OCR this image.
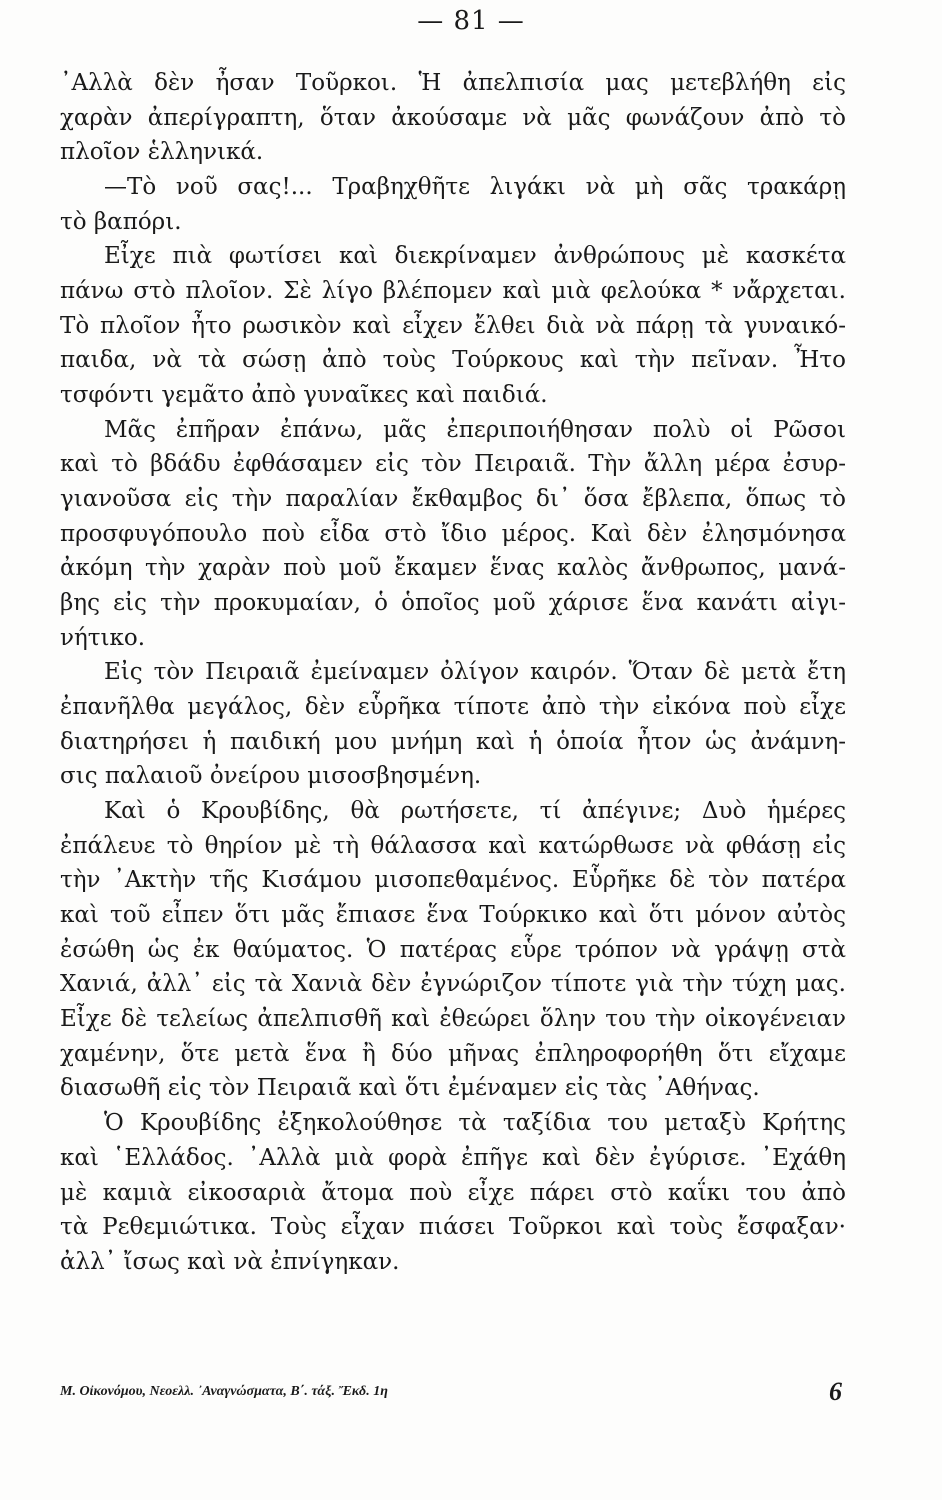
— 81 —
᾿Αλλὰ δὲν ἦσαν Τοῦρκοι. Ἡ ἀπελπισία μας μετεβλήθη εἰς
χαρὰν ἀπερίγραπτη, ὅταν ἀκούσαμε νὰ μᾶς φωνάζουν ἀπὸ τὸ
πλοῖον ἑλληνικά.
—Τὸ νοῦ σας!... Τραβηχθῆτε λιγάκι νὰ μὴ σᾶς τρακάρῃ
τὸ βαπόρι.
Εἶχε πιὰ φωτίσει καὶ διεκρίναμεν ἀνθρώπους μὲ κασκέτα
πάνω στὸ πλοῖον. Σὲ λίγο βλέπομεν καὶ μιὰ φελούκα * νἄρχεται.
Τὸ πλοῖον ἦτο ρωσικὸν καὶ εἶχεν ἔλθει διὰ νὰ πάρῃ τὰ γυναικό-
παιδα, νὰ τὰ σώσῃ ἀπὸ τοὺς Τούρκους καὶ τὴν πεῖναν. Ἦτο
τσφόντι γεμᾶτο ἀπὸ γυναῖκες καὶ παιδιά.
Μᾶς ἐπῆραν ἐπάνω, μᾶς ἐπεριποιήθησαν πολὺ οἱ Ρῶσοι
καὶ τὸ βδάδυ ἐφθάσαμεν εἰς τὸν Πειραιᾶ. Τὴν ἄλλη μέρα ἐσυρ-
γιανοῦσα εἰς τὴν παραλίαν ἔκθαμβος δι᾿ ὅσα ἔβλεπα, ὅπως τὸ
προσφυγόπουλο ποὺ εἶδα στὸ ἴδιο μέρος. Καὶ δὲν ἐλησμόνησα
ἀκόμη τὴν χαρὰν ποὺ μοῦ ἔκαμεν ἕνας καλὸς ἄνθρωπος, μανά-
βης εἰς τὴν προκυμαίαν, ὁ ὁποῖος μοῦ χάρισε ἕνα κανάτι αἰγι-
νήτικο.
Εἰς τὸν Πειραιᾶ ἐμείναμεν ὀλίγον καιρόν. Ὅταν δὲ μετὰ ἔτη
ἐπανῆλθα μεγάλος, δὲν εὗρῆκα τίποτε ἀπὸ τὴν εἰκόνα ποὺ εἶχε
διατηρήσει ἡ παιδική μου μνήμη καὶ ἡ ὁποία ἦτον ὡς ἀνάμνη-
σις παλαιοῦ ὀνείρου μισοσβησμένη.
Καὶ ὁ Κρουβίδης, θὰ ρωτήσετε, τί ἀπέγινε; Δυὸ ἡμέρες
ἐπάλευε τὸ θηρίον μὲ τὴ θάλασσα καὶ κατώρθωσε νὰ φθάσῃ εἰς
τὴν ᾿Ακτὴν τῆς Κισάμου μισοπεθαμένος. Εὗρῆκε δὲ τὸν πατέρα
καὶ τοῦ εἶπεν ὅτι μᾶς ἔπιασε ἕνα Τούρκικο καὶ ὅτι μόνον αὐτὸς
ἐσώθη ὡς ἐκ θαύματος. Ὁ πατέρας εὗρε τρόπον νὰ γράψῃ στὰ
Χανιά, ἀλλ᾿ εἰς τὰ Χανιὰ δὲν ἐγνώριζον τίποτε γιὰ τὴν τύχη μας.
Εἶχε δὲ τελείως ἀπελπισθῆ καὶ ἐθεώρει ὅλην του τὴν οἰκογένειαν
χαμένην, ὅτε μετὰ ἕνα ἢ δύο μῆνας ἐπληροφορήθη ὅτι εἴχαμε
διασωθῆ εἰς τὸν Πειραιᾶ καὶ ὅτι ἐμέναμεν εἰς τὰς ᾿Αθήνας.
Ὁ Κρουβίδης ἐξηκολούθησε τὰ ταξίδια του μεταξὺ Κρήτης
καὶ ῾Ελλάδος. ᾿Αλλὰ μιὰ φορὰ ἐπῆγε καὶ δὲν ἐγύρισε. ᾿Εχάθη
μὲ καμιὰ εἰκοσαριὰ ἄτομα ποὺ εἶχε πάρει στὸ καΐκι του ἀπὸ
τὰ Ρεθεμιώτικα. Τοὺς εἶχαν πιάσει Τοῦρκοι καὶ τοὺς ἔσφαξαν·
ἀλλ᾿ ἴσως καὶ νὰ ἐπνίγηκαν.
Μ. Οἰκονόμου, Νεοελλ. ᾿Αναγνώσματα, Β΄. τάξ. Ἔκδ. 1η	6
